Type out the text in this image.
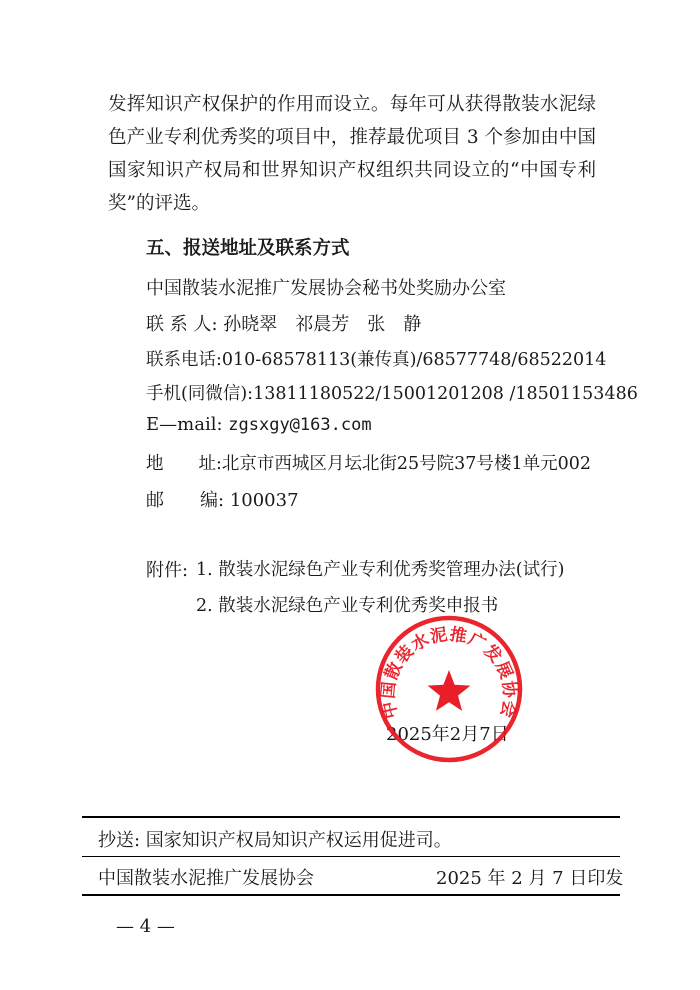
发挥知识产权保护的作用而设立。每年可从获得散装水泥绿色产业专利优秀奖的项目中，推荐最优项目 3 个参加由中国国家知识产权局和世界知识产权组织共同设立的“中国专利奖”的评选。

五、报送地址及联系方式
中国散装水泥推广发展协会秘书处奖励办公室
联 系 人: 孙晓翠　祁晨芳　张　静
联系电话:010-68578113(兼传真)/68577748/68522014
手机(同微信):13811180522/15001201208 /18501153486
E—mail: zgsxgy@163.com
地　　址:北京市西城区月坛北街25号院37号楼1单元002
邮　　编: 100037
附件: 1. 散装水泥绿色产业专利优秀奖管理办法(试行)
2. 散装水泥绿色产业专利优秀奖申报书
2025年2月7日
中国散装水泥推广发展协会
抄送: 国家知识产权局知识产权运用促进司。
中国散装水泥推广发展协会	2025 年 2 月 7 日印发
— 4 —
